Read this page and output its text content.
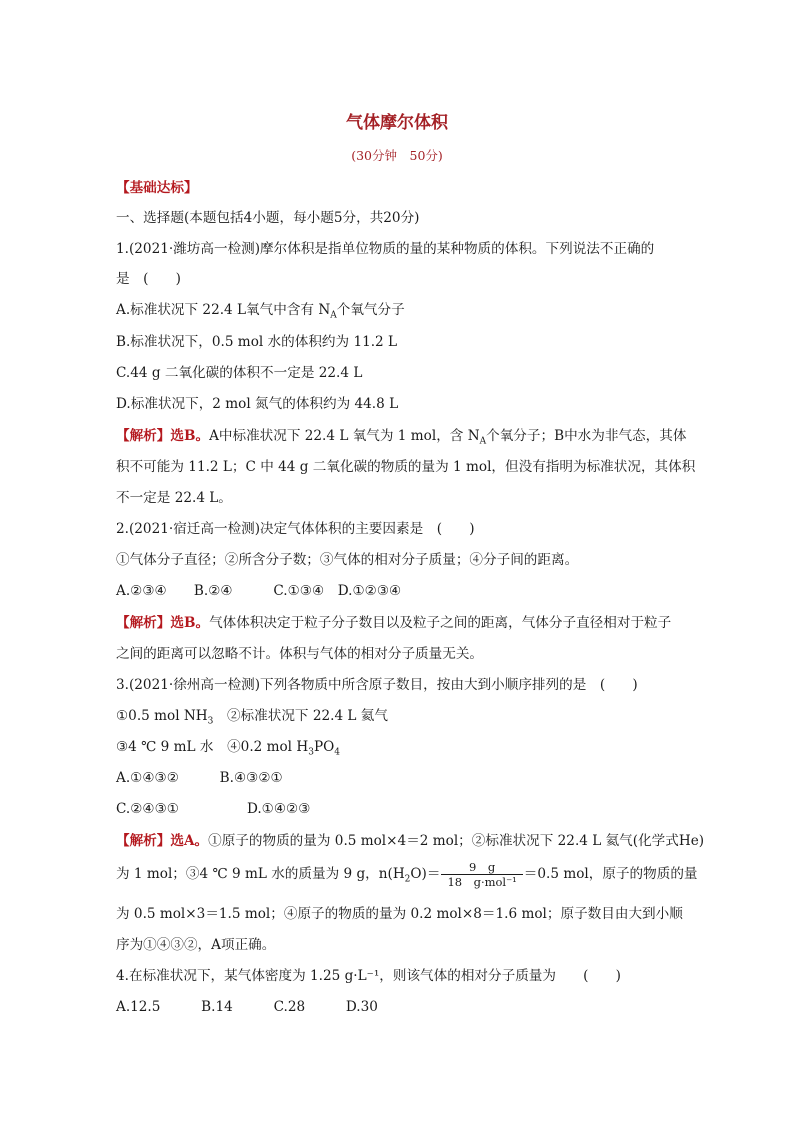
气体摩尔体积
(30分钟　50分)
【基础达标】
一、选择题(本题包括4小题，每小题5分，共20分)
1.(2021·潍坊高一检测)摩尔体积是指单位物质的量的某种物质的体积。下列说法不正确的
是　(　　)
A.标准状况下 22.4 L氧气中含有 $N_A$个氧气分子
B.标准状况下，0.5 mol 水的体积约为 11.2 L
C.44 g 二氧化碳的体积不一定是 22.4 L
D.标准状况下，2 mol 氮气的体积约为 44.8 L
【解析】选B。A中标准状况下 22.4 L 氧气为 1 mol，含 $N_A$个氧分子；B中水为非气态，其体
积不可能为 11.2 L；C 中 44 g 二氧化碳的物质的量为 1 mol，但没有指明为标准状况，其体积
不一定是 22.4 L。
2.(2021·宿迁高一检测)决定气体体积的主要因素是　(　　)
①气体分子直径；②所含分子数；③气体的相对分子质量；④分子间的距离。
A.②③④　　B.②④　　　C.①③④　D.①②③④
【解析】选B。气体体积决定于粒子分子数目以及粒子之间的距离，气体分子直径相对于粒子
之间的距离可以忽略不计。体积与气体的相对分子质量无关。
3.(2021·徐州高一检测)下列各物质中所含原子数目，按由大到小顺序排列的是　(　　)
①0.5 mol $NH_3$　②标准状况下 22.4 L 氦气
③4 ℃ 9 mL 水　④0.2 mol $H_3PO_4$
A.①④③②　　　B.④③②①
C.②④③①　　　　　D.①④②③
【解析】选A。①原子的物质的量为 0.5 mol×4＝2 mol；②标准状况下 22.4 L 氦气(化学式He)
为 1 mol；③4 ℃ 9 mL 水的质量为 9 g，$n(H_2O)= \frac{9 g}{\text{18　g·mol⁻¹}} =0.5$ mol，原子的物质的量
为 0.5 mol×3＝1.5 mol；④原子的物质的量为 0.2 mol×8＝1.6 mol；原子数目由大到小顺
序为①④③②，A项正确。
4.在标准状况下，某气体密度为 1.25 g·L⁻¹，则该气体的相对分子质量为　　(　　)
A.12.5　　　B.14　　　C.28　　　D.30
